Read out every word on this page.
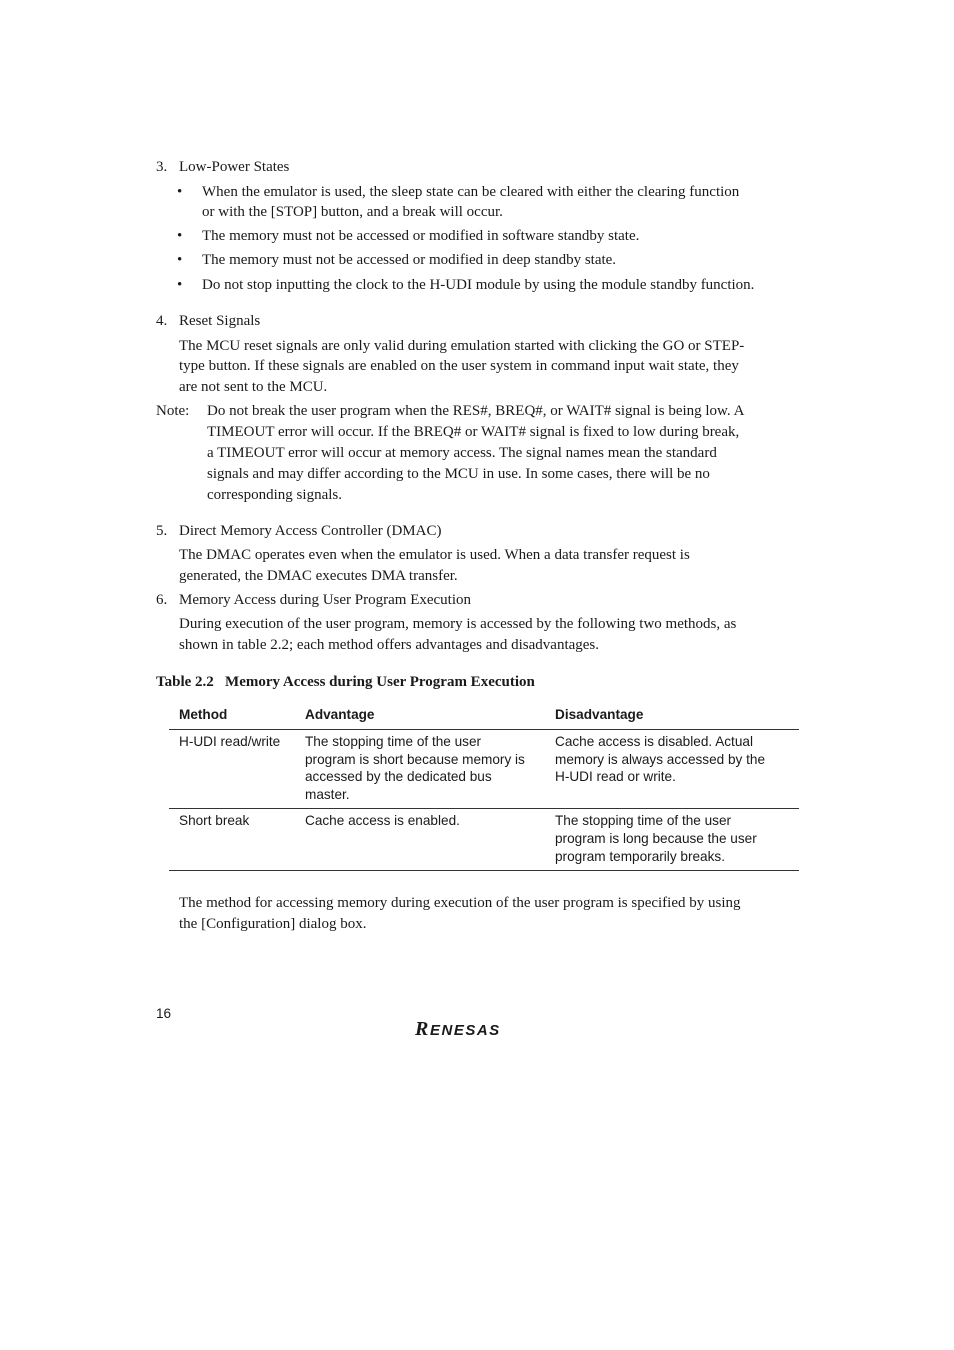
3. Low-Power States
• When the emulator is used, the sleep state can be cleared with either the clearing function
or with the [STOP] button, and a break will occur.
• The memory must not be accessed or modified in software standby state.
• The memory must not be accessed or modified in deep standby state.
• Do not stop inputting the clock to the H-UDI module by using the module standby function.
4. Reset Signals
The MCU reset signals are only valid during emulation started with clicking the GO or STEP-
type button. If these signals are enabled on the user system in command input wait state, they
are not sent to the MCU.
Note: Do not break the user program when the RES#, BREQ#, or WAIT# signal is being low. A
TIMEOUT error will occur. If the BREQ# or WAIT# signal is fixed to low during break,
a TIMEOUT error will occur at memory access. The signal names mean the standard
signals and may differ according to the MCU in use. In some cases, there will be no
corresponding signals.
5. Direct Memory Access Controller (DMAC)
The DMAC operates even when the emulator is used. When a data transfer request is
generated, the DMAC executes DMA transfer.
6. Memory Access during User Program Execution
During execution of the user program, memory is accessed by the following two methods, as
shown in table 2.2; each method offers advantages and disadvantages.
Table 2.2   Memory Access during User Program Execution
Method	Advantage	Disadvantage
H-UDI read/write	The stopping time of the user program is short because memory is accessed by the dedicated bus master.	Cache access is disabled. Actual memory is always accessed by the H-UDI read or write.
Short break	Cache access is enabled.	The stopping time of the user program is long because the user program temporarily breaks.
The method for accessing memory during execution of the user program is specified by using
the [Configuration] dialog box.
16
R ENESAS
